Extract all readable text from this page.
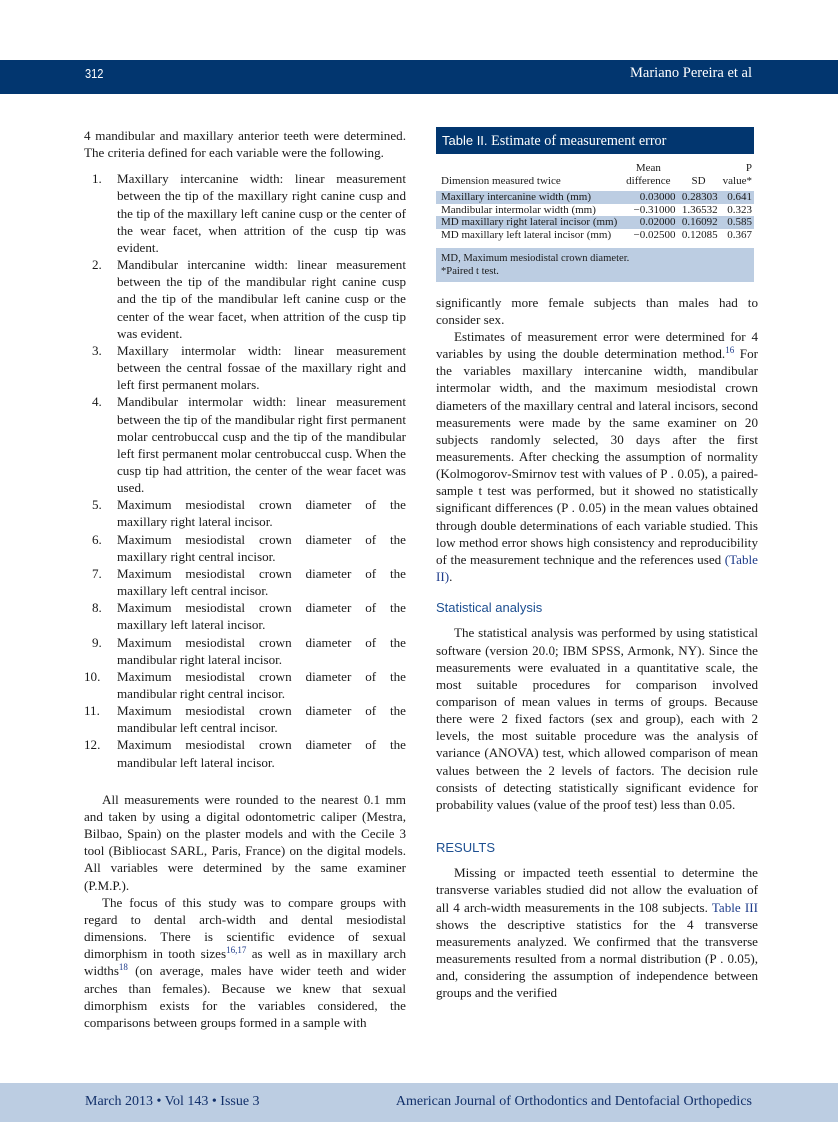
312	Mariano Pereira et al

4 mandibular and maxillary anterior teeth were determined. The criteria defined for each variable were the following.

1.	Maxillary intercanine width: linear measurement between the tip of the maxillary right canine cusp and the tip of the maxillary left canine cusp or the center of the wear facet, when attrition of the cusp tip was evident.
2.	Mandibular intercanine width: linear measurement between the tip of the mandibular right canine cusp and the tip of the mandibular left canine cusp or the center of the wear facet, when attrition of the cusp tip was evident.
3.	Maxillary intermolar width: linear measurement between the central fossae of the maxillary right and left first permanent molars.
4.	Mandibular intermolar width: linear measurement between the tip of the mandibular right first permanent molar centrobuccal cusp and the tip of the mandibular left first permanent molar centrobuccal cusp. When the cusp tip had attrition, the center of the wear facet was used.
5.	Maximum mesiodistal crown diameter of the maxillary right lateral incisor.
6.	Maximum mesiodistal crown diameter of the maxillary right central incisor.
7.	Maximum mesiodistal crown diameter of the maxillary left central incisor.
8.	Maximum mesiodistal crown diameter of the maxillary left lateral incisor.
9.	Maximum mesiodistal crown diameter of the mandibular right lateral incisor.
10. Maximum mesiodistal crown diameter of the mandibular right central incisor.
11.	Maximum mesiodistal crown diameter of the mandibular left central incisor.
12. Maximum mesiodistal crown diameter of the mandibular left lateral incisor.

All measurements were rounded to the nearest 0.1 mm and taken by using a digital odontometric caliper (Mestra, Bilbao, Spain) on the plaster models and with the Cecile 3 tool (Bibliocast SARL, Paris, France) on the digital models. All variables were determined by the same examiner (P.M.P.).

The focus of this study was to compare groups with regard to dental arch-width and dental mesiodistal dimensions. There is scientific evidence of sexual dimorphism in tooth sizes$^{16,17}$ as well as in maxillary arch widths$^{18}$ (on average, males have wider teeth and wider arches than females). Because we knew that sexual dimorphism exists for the variables considered, the comparisons between groups formed in a sample with

Table II. Estimate of measurement error
Dimension measured twice	Mean difference	SD	P value*
Maxillary intercanine width (mm)	0.03000	0.28303	0.641
Mandibular intermolar width (mm)	−0.31000	1.36532	0.323
MD maxillary right lateral incisor (mm)	0.02000	0.16092	0.585
MD maxillary left lateral incisor (mm)	−0.02500	0.12085	0.367
MD, Maximum mesiodistal crown diameter.
*Paired t test.

significantly more female subjects than males had to consider sex.

Estimates of measurement error were determined for 4 variables by using the double determination method.$^{16}$ For the variables maxillary intercanine width, mandibular intermolar width, and the maximum mesiodistal crown diameters of the maxillary central and lateral incisors, second measurements were made by the same examiner on 20 subjects randomly selected, 30 days after the first measurements. After checking the assumption of normality (Kolmogorov-Smirnov test with values of P . 0.05), a paired-sample t test was performed, but it showed no statistically significant differences (P . 0.05) in the mean values obtained through double determinations of each variable studied. This low method error shows high consistency and reproducibility of the measurement technique and the references used (Table II).

Statistical analysis

The statistical analysis was performed by using statistical software (version 20.0; IBM SPSS, Armonk, NY). Since the measurements were evaluated in a quantitative scale, the most suitable procedures for comparison involved comparison of mean values in terms of groups. Because there were 2 fixed factors (sex and group), each with 2 levels, the most suitable procedure was the analysis of variance (ANOVA) test, which allowed comparison of mean values between the 2 levels of factors. The decision rule consists of detecting statistically significant evidence for probability values (value of the proof test) less than 0.05.

RESULTS

Missing or impacted teeth essential to determine the transverse variables studied did not allow the evaluation of all 4 arch-width measurements in the 108 subjects. Table III shows the descriptive statistics for the 4 transverse measurements analyzed. We confirmed that the transverse measurements resulted from a normal distribution (P . 0.05), and, considering the assumption of independence between groups and the verified

March 2013 • Vol 143 • Issue 3	American Journal of Orthodontics and Dentofacial Orthopedics
